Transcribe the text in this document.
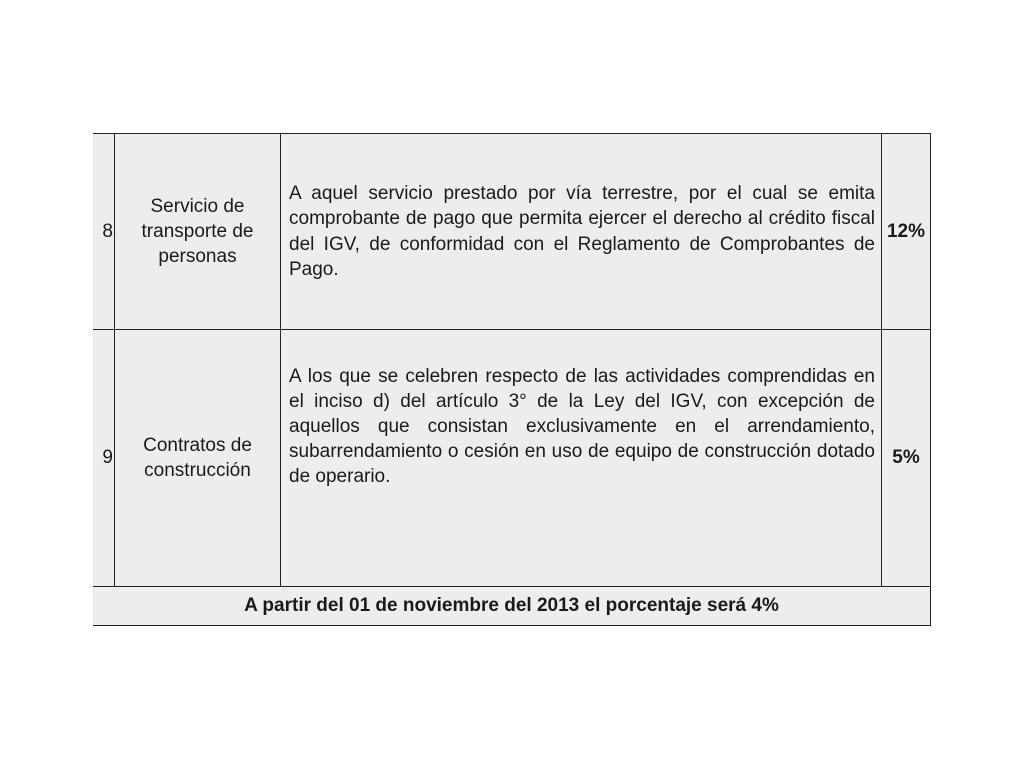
8	Servicio de transporte de personas	A aquel servicio prestado por vía terrestre, por el cual se emita comprobante de pago que permita ejercer el derecho al crédito fiscal del IGV, de conformidad con el Reglamento de Comprobantes de Pago.	12%
9	Contratos de construcción	A los que se celebren respecto de las actividades comprendidas en el inciso d) del artículo 3° de la Ley del IGV, con excepción de aquellos que consistan exclusivamente en el arrendamiento, subarrendamiento o cesión en uso de equipo de construcción dotado de operario.	5%
A partir del 01 de noviembre del 2013 el porcentaje será 4%			
